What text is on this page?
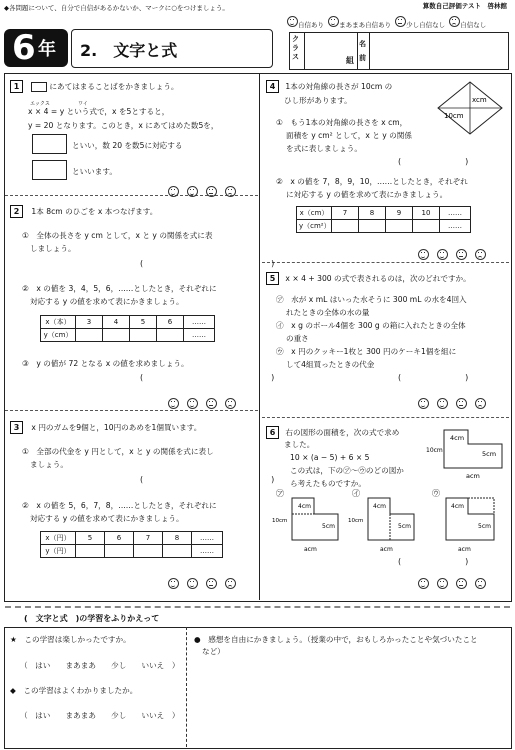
◆各問題について、自分で自信があるかないか、マークに○をつけましょう。	算数自己評価テスト　啓林館
自信あり まあまあ自信あり 少し自信なし 自信なし
6 年 2.　文字と式
ク
ラ
ス	組
名
前
1	にあてはまることばをかきましょう。
エックス	ワイ
x × 4 = y という式で，x を5とすると，
y = 20 となります。このとき，x にあてはめた数5を，
といい，数 20 を数5に対応する
といいます。
2 1本 8cm のひごを x 本つなげます。
①　全体の長さを y cm として，x と y の関係を式に表
しましょう。
(　　　　　　　　　　　　　　　　)
②　x の値を 3，4，5，6，……としたとき，それぞれに
対応する y の値を求めて表にかきましょう。
x（本）	3	4	5	6	……
y（cm）					……
③　y の値が 72 となる x の値を求めましょう。
(　　　　　　　　　　　　　　　　)
3 x 円のガムを9個と，10円のあめを1個買います。
①　全部の代金を y 円として，x と y の関係を式に表し
ましょう。
(　　　　　　　　　　　　　　　　)
②　x の値を 5，6，7，8，……としたとき，それぞれに
対応する y の値を求めて表にかきましょう。
x（円）	5	6	7	8	……
y（円）					……
4 1本の対角線の長さが 10cm の
ひし形があります。	xcm
10cm
①　もう1本の対角線の長さを x cm，
面積を y cm² として，x と y の関係
を式に表しましょう。
(　　　　　　　　)
②　x の値を 7，8，9，10，……としたとき，それぞれ
に対応する y の値を求めて表にかきましょう。
x（cm）	7	8	9	10	……
y（cm²）					……
5 x × 4 + 300 の式で表されるのは，次のどれですか。
㋐　水が x mL はいった水そうに 300 mL の水を4回入
れたときの全体の水の量
㋑　x g のボール4個を 300 g の箱に入れたときの全体
の重さ
㋒　x 円のクッキー1枚と 300 円のケーキ1個を組に
して4組買ったときの代金
(　　　　　　　　)
6 右の図形の面積を，次の式で求め
ました。
10 × (a − 5) + 6 × 5
この式は，下の㋐〜㋒のどの図か
ら考えたものですか。
4cm
5cm
10cm
acm
㋐
4cm
5cm
10cm
acm
㋑
4cm
5cm
10cm
acm
㋒
4cm
5cm
acm
(　　　　　　　　)
(　文字と式　)の学習をふりかえって
★　この学習は楽しかったですか。
（　はい　　まあまあ　　少し　　いいえ　）
◆　この学習はよくわかりましたか。
（　はい　　まあまあ　　少し　　いいえ　）
●　感想を自由にかきましょう。（授業の中で，おもしろかったことや気づいたこと
など）
